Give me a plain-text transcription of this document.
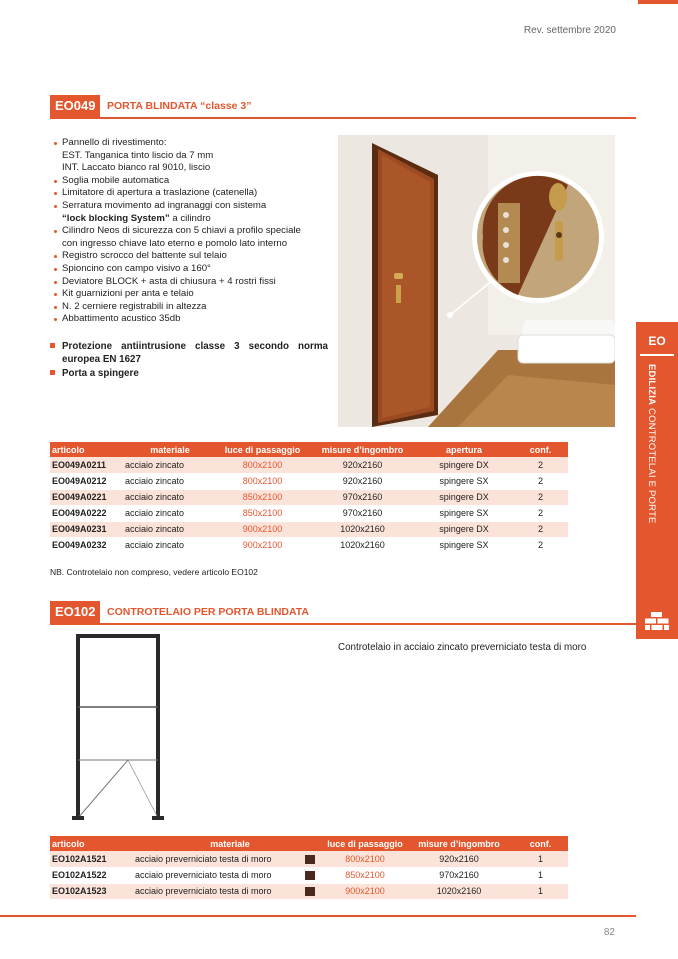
Rev. settembre 2020
EO049	PORTA BLINDATA “classe 3”
Pannello di rivestimento:
EST. Tanganica tinto liscio da 7 mm
INT. Laccato bianco ral 9010, liscio
Soglia mobile automatica
Limitatore di apertura a traslazione (catenella)
Serratura movimento ad ingranaggi con sistema
“lock blocking System” a cilindro
Cilindro Neos di sicurezza con 5 chiavi a profilo speciale
con ingresso chiave lato eterno e pomolo lato interno
Registro scrocco del battente sul telaio
Spioncino con campo visivo a 160°
Deviatore BLOCK + asta di chiusura + 4 rostri fissi
Kit guarnizioni per anta e telaio
N. 2 cerniere registrabili in altezza
Abbattimento acustico 35db
Protezione antiintrusione classe 3 secondo norma europea EN 1627
Porta a spingere
articolo	materiale	luce di passaggio	misure d’ingombro	apertura	conf.
EO049A0211	acciaio zincato	800x2100	920x2160	spingere DX	2
EO049A0212	acciaio zincato	800x2100	920x2160	spingere SX	2
EO049A0221	acciaio zincato	850x2100	970x2160	spingere DX	2
EO049A0222	acciaio zincato	850x2100	970x2160	spingere SX	2
EO049A0231	acciaio zincato	900x2100	1020x2160	spingere DX	2
EO049A0232	acciaio zincato	900x2100	1020x2160	spingere SX	2
NB. Controtelaio non compreso, vedere articolo EO102
EO102	CONTROTELAIO PER PORTA BLINDATA
Controtelaio in acciaio zincato preverniciato testa di moro
articolo	materiale		luce di passaggio	misure d’ingombro	conf.
EO102A1521	acciaio preverniciato testa di moro		800x2100	920x2160	1
EO102A1522	acciaio preverniciato testa di moro		850x2100	970x2160	1
EO102A1523	acciaio preverniciato testa di moro		900x2100	1020x2160	1
82
EO
EDILIZIA CONTROTELAI E PORTE
